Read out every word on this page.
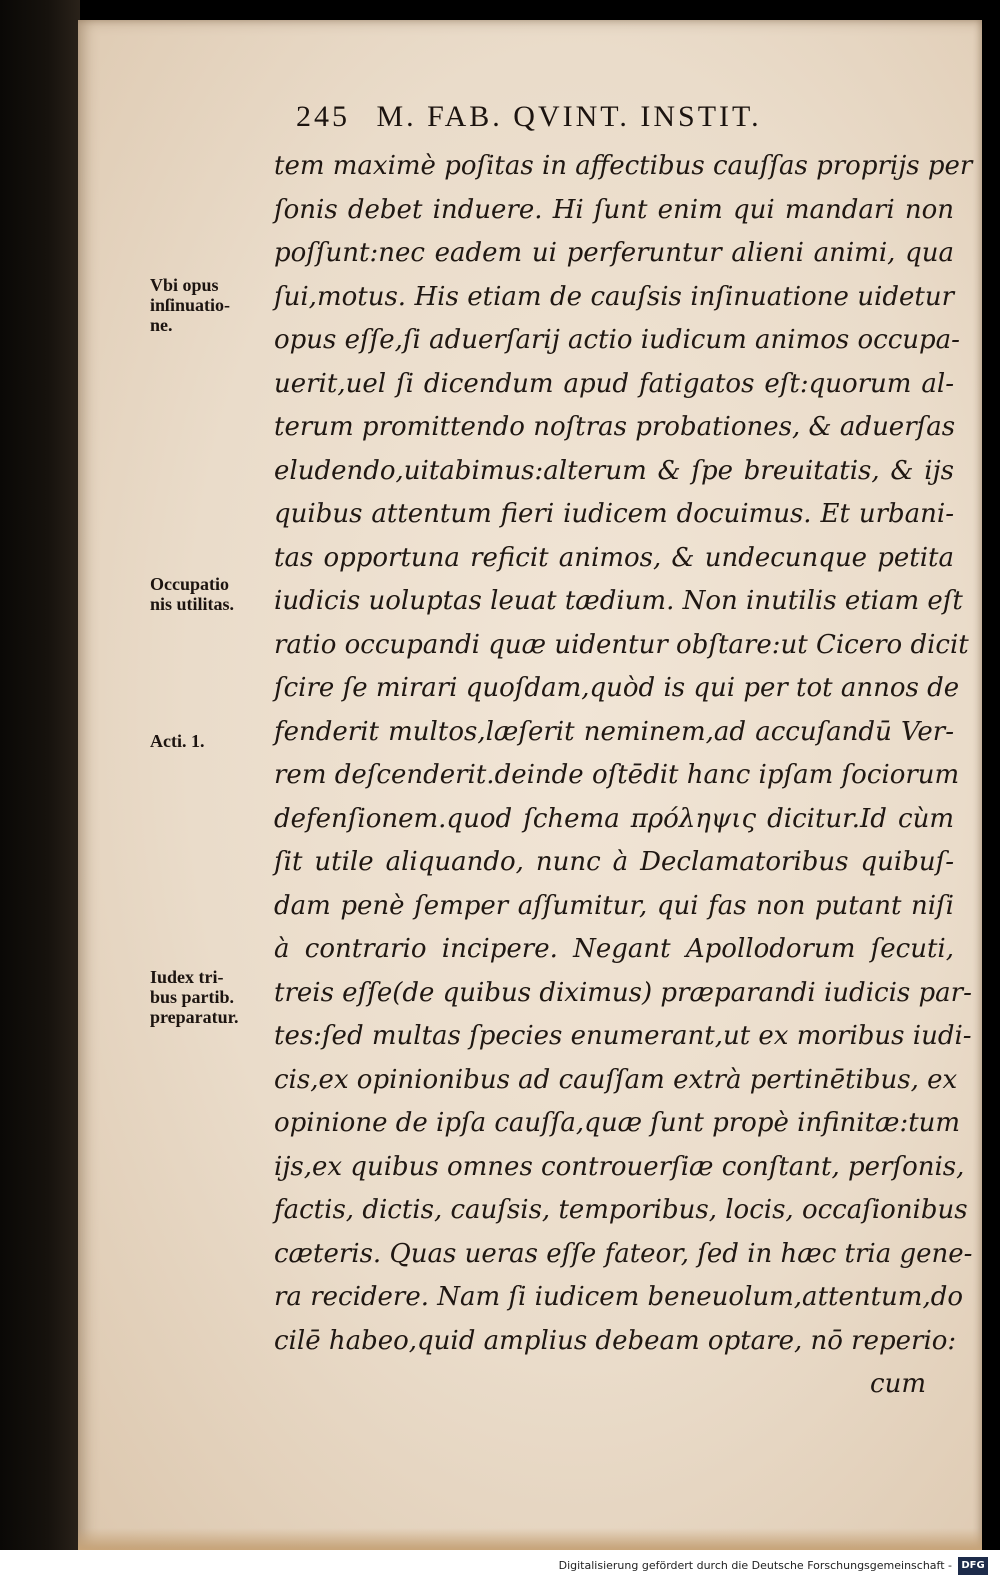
245 M. FAB. QVINT. INSTIT.
tem maximè poſitas in affectibus cauſſas proprijs per
ſonis debet induere. Hi ſunt enim qui mandari non
poſſunt:nec eadem ui perferuntur alieni animi, qua
ſui,motus. His etiam de cauſsis inſinuatione uidetur
opus eſſe,ſi aduerſarij actio iudicum animos occupa-
uerit,uel ſi dicendum apud fatigatos eſt:quorum al-
terum promittendo noſtras probationes, & aduerſas
eludendo,uitabimus:alterum & ſpe breuitatis, & ijs
quibus attentum fieri iudicem docuimus. Et urbani-
tas opportuna reficit animos, & undecunque petita
iudicis uoluptas leuat tædium. Non inutilis etiam eſt
ratio occupandi quæ uidentur obſtare:ut Cicero dicit
ſcire ſe mirari quoſdam,quòd is qui per tot annos de
fenderit multos,læſerit neminem,ad accuſandū Ver-
rem deſcenderit.deinde oſtēdit hanc ipſam ſociorum
defenſionem.quod ſchema πρόληψις dicitur.Id cùm
ſit utile aliquando, nunc à Declamatoribus quibuſ-
dam penè ſemper aſſumitur, qui fas non putant niſi
à contrario incipere. Negant Apollodorum ſecuti,
treis eſſe(de quibus diximus) præparandi iudicis par-
tes:ſed multas ſpecies enumerant,ut ex moribus iudi-
cis,ex opinionibus ad cauſſam extrà pertinētibus, ex
opinione de ipſa cauſſa,quæ ſunt propè infinitæ:tum
ijs,ex quibus omnes controuerſiæ conſtant, perſonis,
factis, dictis, cauſsis, temporibus, locis, occaſionibus
cæteris. Quas ueras eſſe fateor, ſed in hæc tria gene-
ra recidere. Nam ſi iudicem beneuolum,attentum,do
cilē habeo,quid amplius debeam optare, nō reperio:
cum
Vbi opus
inſinuatio-
ne.
Occupatio
nis utilitas.
Acti. 1.
Iudex tri-
bus partib.
preparatur.
Digitalisierung gefördert durch die Deutsche Forschungsgemeinschaft - DFG
